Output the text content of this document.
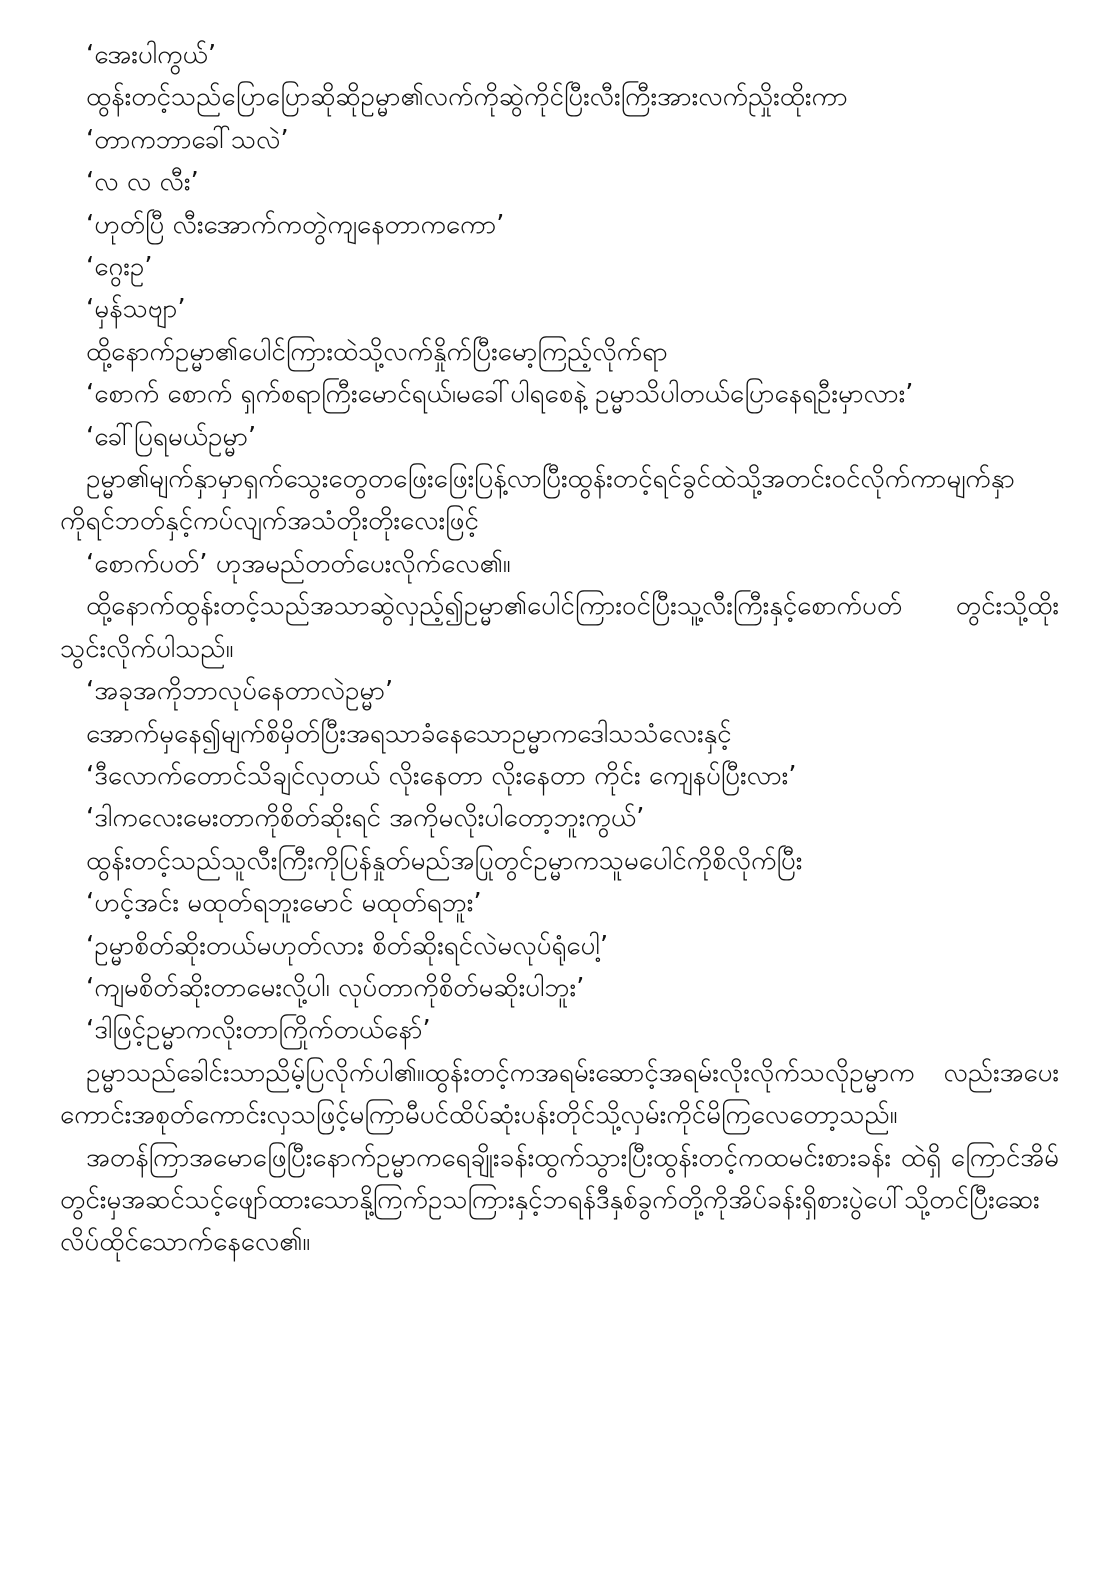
‘အေးပါကွယ်’

ထွန်းတင့်သည်ပြောပြောဆိုဆိုဥမ္မာ၏လက်ကိုဆွဲကိုင်ပြီးလီးကြီးအားလက်ညှိုးထိုးကာ

‘တာကဘာခေါ်သလဲ’

‘လ လ လီး’

‘ဟုတ်ပြီ လီးအောက်ကတွဲကျနေတာကကော’

‘ဂွေးဥ’

‘မှန်သဗျာ’

ထို့နောက်ဥမ္မာ၏ပေါင်ကြားထဲသို့လက်နှိုက်ပြီးမော့ကြည့်လိုက်ရာ

‘စောက် စောက် ရှက်စရာကြီးမောင်ရယ်၊မခေါ်ပါရစေနဲ့ ဥမ္မာသိပါတယ်ပြောနေရဦးမှာလား’

‘ခေါ်ပြရမယ်ဥမ္မာ’

ဥမ္မာ၏မျက်နှာမှာရှက်သွေးတွေတဖြေးဖြေးပြန့်လာပြီးထွန်းတင့်ရင်ခွင်ထဲသို့အတင်းဝင်လိုက်ကာမျက်နှာကိုရင်ဘတ်နှင့်ကပ်လျက်အသံတိုးတိုးလေးဖြင့်

‘စောက်ပတ်’ ဟုအမည်တတ်ပေးလိုက်လေ၏။

ထို့နောက်ထွန်းတင့်သည်အသာဆွဲလှည့်၍ဥမ္မာ၏ပေါင်ကြားဝင်ပြီးသူ့လီးကြီးနှင့်စောက်ပတ် တွင်းသို့ထိုးသွင်းလိုက်ပါသည်။

‘အခုအကိုဘာလုပ်နေတာလဲဥမ္မာ’

အောက်မှနေ၍မျက်စိမှိတ်ပြီးအရသာခံနေသောဥမ္မာကဒေါသသံလေးနှင့်

‘ဒီလောက်တောင်သိချင်လှတယ် လိုးနေတာ လိုးနေတာ ကိုင်း ကျေနပ်ပြီးလား’

‘ဒါကလေးမေးတာကိုစိတ်ဆိုးရင် အကိုမလိုးပါတော့ဘူးကွယ်’

ထွန်းတင့်သည်သူလီးကြီးကိုပြန်နှုတ်မည်အပြုတွင်ဥမ္မာကသူမပေါင်ကိုစိလိုက်ပြီး

‘ဟင့်အင်း မထုတ်ရဘူးမောင် မထုတ်ရဘူး’

‘ဥမ္မာစိတ်ဆိုးတယ်မဟုတ်လား စိတ်ဆိုးရင်လဲမလုပ်ရုံပေါ့’

‘ကျမစိတ်ဆိုးတာမေးလို့ပါ၊ လုပ်တာကိုစိတ်မဆိုးပါဘူး’

‘ဒါဖြင့်ဥမ္မာကလိုးတာကြိုက်တယ်နော်’

ဥမ္မာသည်ခေါင်းသာညိမ့်ပြလိုက်ပါ၏။ထွန်းတင့်ကအရမ်းဆောင့်အရမ်းလိုးလိုက်သလိုဥမ္မာက လည်းအပေးကောင်းအစုတ်ကောင်းလှသဖြင့်မကြာမီပင်ထိပ်ဆုံးပန်းတိုင်သို့လှမ်းကိုင်မိကြလေတော့သည်။

အတန်ကြာအမောဖြေပြီးနောက်ဥမ္မာကရေချိုးခန်းထွက်သွားပြီးထွန်းတင့်ကထမင်းစားခန်း ထဲရှိ ကြောင်အိမ်တွင်းမှအဆင်သင့်ဖျော်ထားသောနို့ကြက်ဥသကြားနှင့်ဘရန်ဒီနှစ်ခွက်တို့ကိုအိပ်ခန်းရှိစားပွဲပေါ်သို့တင်ပြီးဆေးလိပ်ထိုင်သောက်နေလေ၏။
